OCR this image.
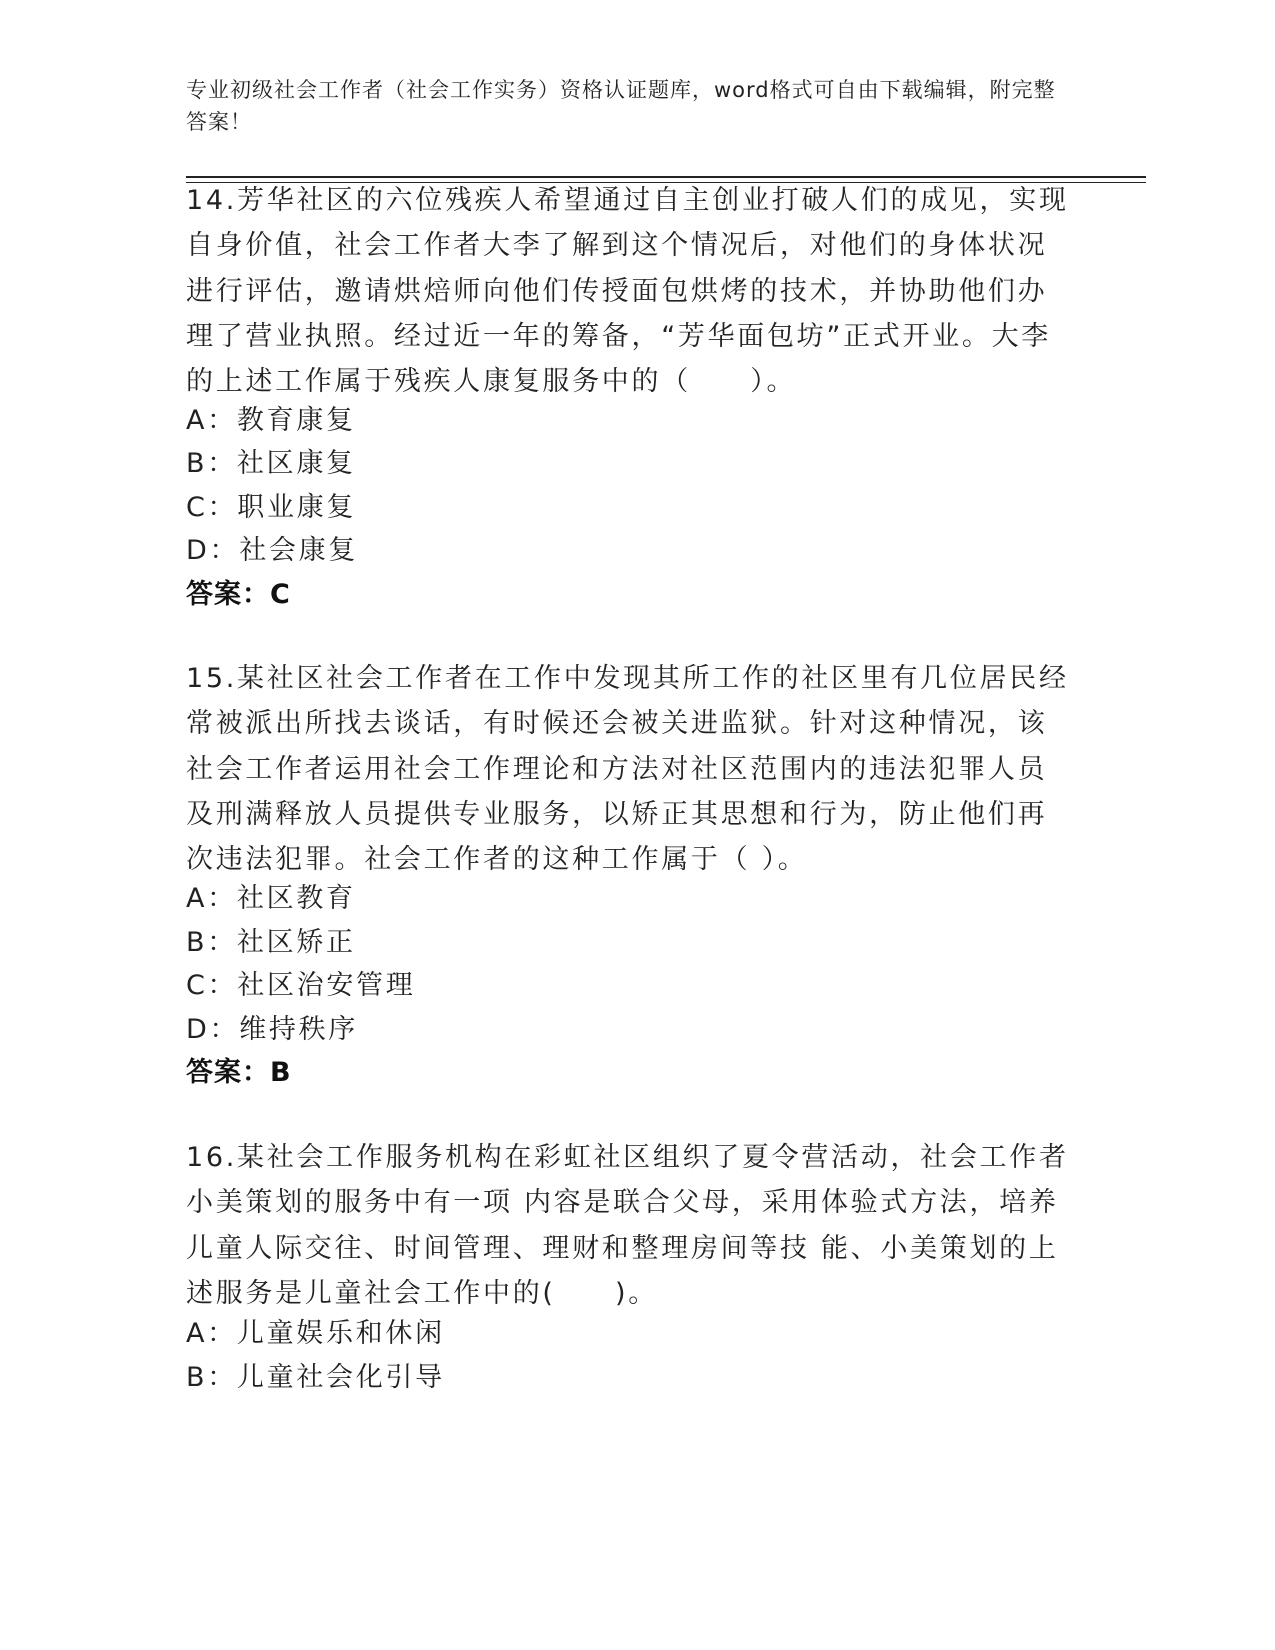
专业初级社会工作者（社会工作实务）资格认证题库，word格式可自由下载编辑，附完整答案！
14.芳华社区的六位残疾人希望通过自主创业打破人们的成见，实现自身价值，社会工作者大李了解到这个情况后，对他们的身体状况进行评估，邀请烘焙师向他们传授面包烘烤的技术，并协助他们办理了营业执照。经过近一年的筹备，“芳华面包坊”正式开业。大李的上述工作属于残疾人康复服务中的（　　）。
A：教育康复
B：社区康复
C：职业康复
D：社会康复
答案：C
15.某社区社会工作者在工作中发现其所工作的社区里有几位居民经常被派出所找去谈话，有时候还会被关进监狱。针对这种情况，该社会工作者运用社会工作理论和方法对社区范围内的违法犯罪人员及刑满释放人员提供专业服务，以矫正其思想和行为，防止他们再次违法犯罪。社会工作者的这种工作属于（ ）。
A：社区教育
B：社区矫正
C：社区治安管理
D：维持秩序
答案：B
16.某社会工作服务机构在彩虹社区组织了夏令营活动，社会工作者小美策划的服务中有一项 内容是联合父母，采用体验式方法，培养儿童人际交往、时间管理、理财和整理房间等技 能、小美策划的上述服务是儿童社会工作中的(　　)。
A：儿童娱乐和休闲
B：儿童社会化引导
